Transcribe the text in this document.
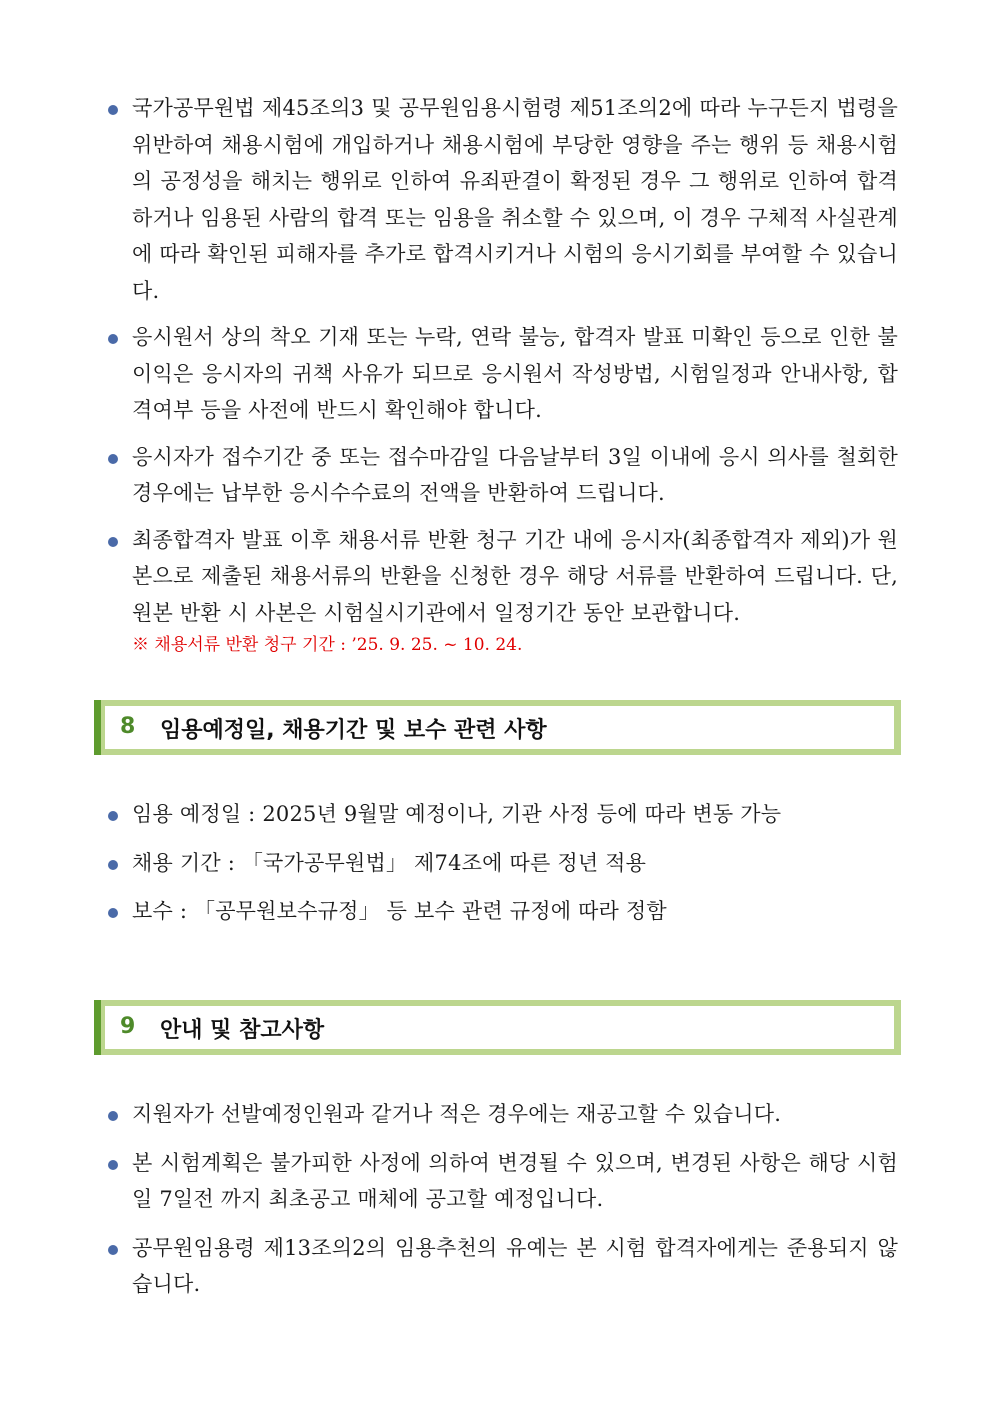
국가공무원법 제45조의3 및 공무원임용시험령 제51조의2에 따라 누구든지 법령을 위반하여 채용시험에 개입하거나 채용시험에 부당한 영향을 주는 행위 등 채용시험의 공정성을 해치는 행위로 인하여 유죄판결이 확정된 경우 그 행위로 인하여 합격하거나 임용된 사람의 합격 또는 임용을 취소할 수 있으며, 이 경우 구체적 사실관계에 따라 확인된 피해자를 추가로 합격시키거나 시험의 응시기회를 부여할 수 있습니다.
응시원서 상의 착오 기재 또는 누락, 연락 불능, 합격자 발표 미확인 등으로 인한 불이익은 응시자의 귀책 사유가 되므로 응시원서 작성방법, 시험일정과 안내사항, 합격여부 등을 사전에 반드시 확인해야 합니다.
응시자가 접수기간 중 또는 접수마감일 다음날부터 3일 이내에 응시 의사를 철회한 경우에는 납부한 응시수수료의 전액을 반환하여 드립니다.
최종합격자 발표 이후 채용서류 반환 청구 기간 내에 응시자(최종합격자 제외)가 원본으로 제출된 채용서류의 반환을 신청한 경우 해당 서류를 반환하여 드립니다. 단, 원본 반환 시 사본은 시험실시기관에서 일정기간 동안 보관합니다.
※ 채용서류 반환 청구 기간 : ’25. 9. 25. ~ 10. 24.
8 임용예정일, 채용기간 및 보수 관련 사항
임용 예정일 : 2025년 9월말 예정이나, 기관 사정 등에 따라 변동 가능
채용 기간 : 「국가공무원법」 제74조에 따른 정년 적용
보수 : 「공무원보수규정」 등 보수 관련 규정에 따라 정함
9 안내 및 참고사항
지원자가 선발예정인원과 같거나 적은 경우에는 재공고할 수 있습니다.
본 시험계획은 불가피한 사정에 의하여 변경될 수 있으며, 변경된 사항은 해당 시험일 7일전 까지 최초공고 매체에 공고할 예정입니다.
공무원임용령 제13조의2의 임용추천의 유예는 본 시험 합격자에게는 준용되지 않습니다.
